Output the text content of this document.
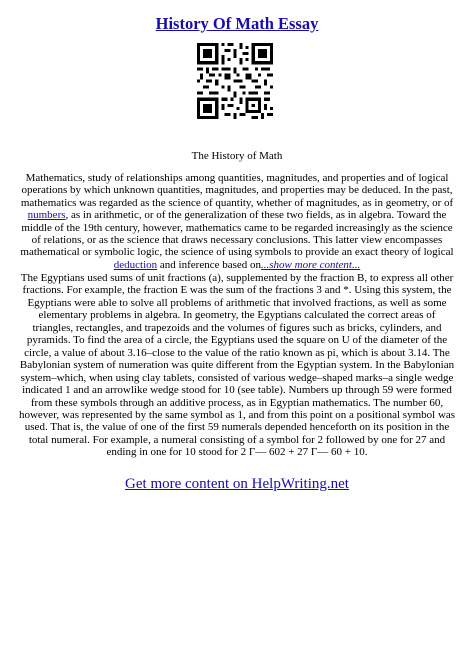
History Of Math Essay
The History of Math
Mathematics, study of relationships among quantities, magnitudes, and properties and of logical operations by which unknown quantities, magnitudes, and properties may be deduced. In the past, mathematics was regarded as the science of quantity, whether of magnitudes, as in geometry, or of numbers, as in arithmetic, or of the generalization of these two fields, as in algebra. Toward the middle of the 19th century, however, mathematics came to be regarded increasingly as the science of relations, or as the science that draws necessary conclusions. This latter view encompasses mathematical or symbolic logic, the science of using symbols to provide an exact theory of logical deduction and inference based on...show more content...
The Egyptians used sums of unit fractions (a), supplemented by the fraction B, to express all other fractions. For example, the fraction E was the sum of the fractions 3 and *. Using this system, the Egyptians were able to solve all problems of arithmetic that involved fractions, as well as some elementary problems in algebra. In geometry, the Egyptians calculated the correct areas of triangles, rectangles, and trapezoids and the volumes of figures such as bricks, cylinders, and pyramids. To find the area of a circle, the Egyptians used the square on U of the diameter of the circle, a value of about 3.16–close to the value of the ratio known as pi, which is about 3.14. The Babylonian system of numeration was quite different from the Egyptian system. In the Babylonian system–which, when using clay tablets, consisted of various wedge–shaped marks–a single wedge indicated 1 and an arrowlike wedge stood for 10 (see table). Numbers up through 59 were formed from these symbols through an additive process, as in Egyptian mathematics. The number 60, however, was represented by the same symbol as 1, and from this point on a positional symbol was used. That is, the value of one of the first 59 numerals depended henceforth on its position in the total numeral. For example, a numeral consisting of a symbol for 2 followed by one for 27 and ending in one for 10 stood for 2 Γ— 602 + 27 Γ— 60 + 10.
Get more content on HelpWriting.net
